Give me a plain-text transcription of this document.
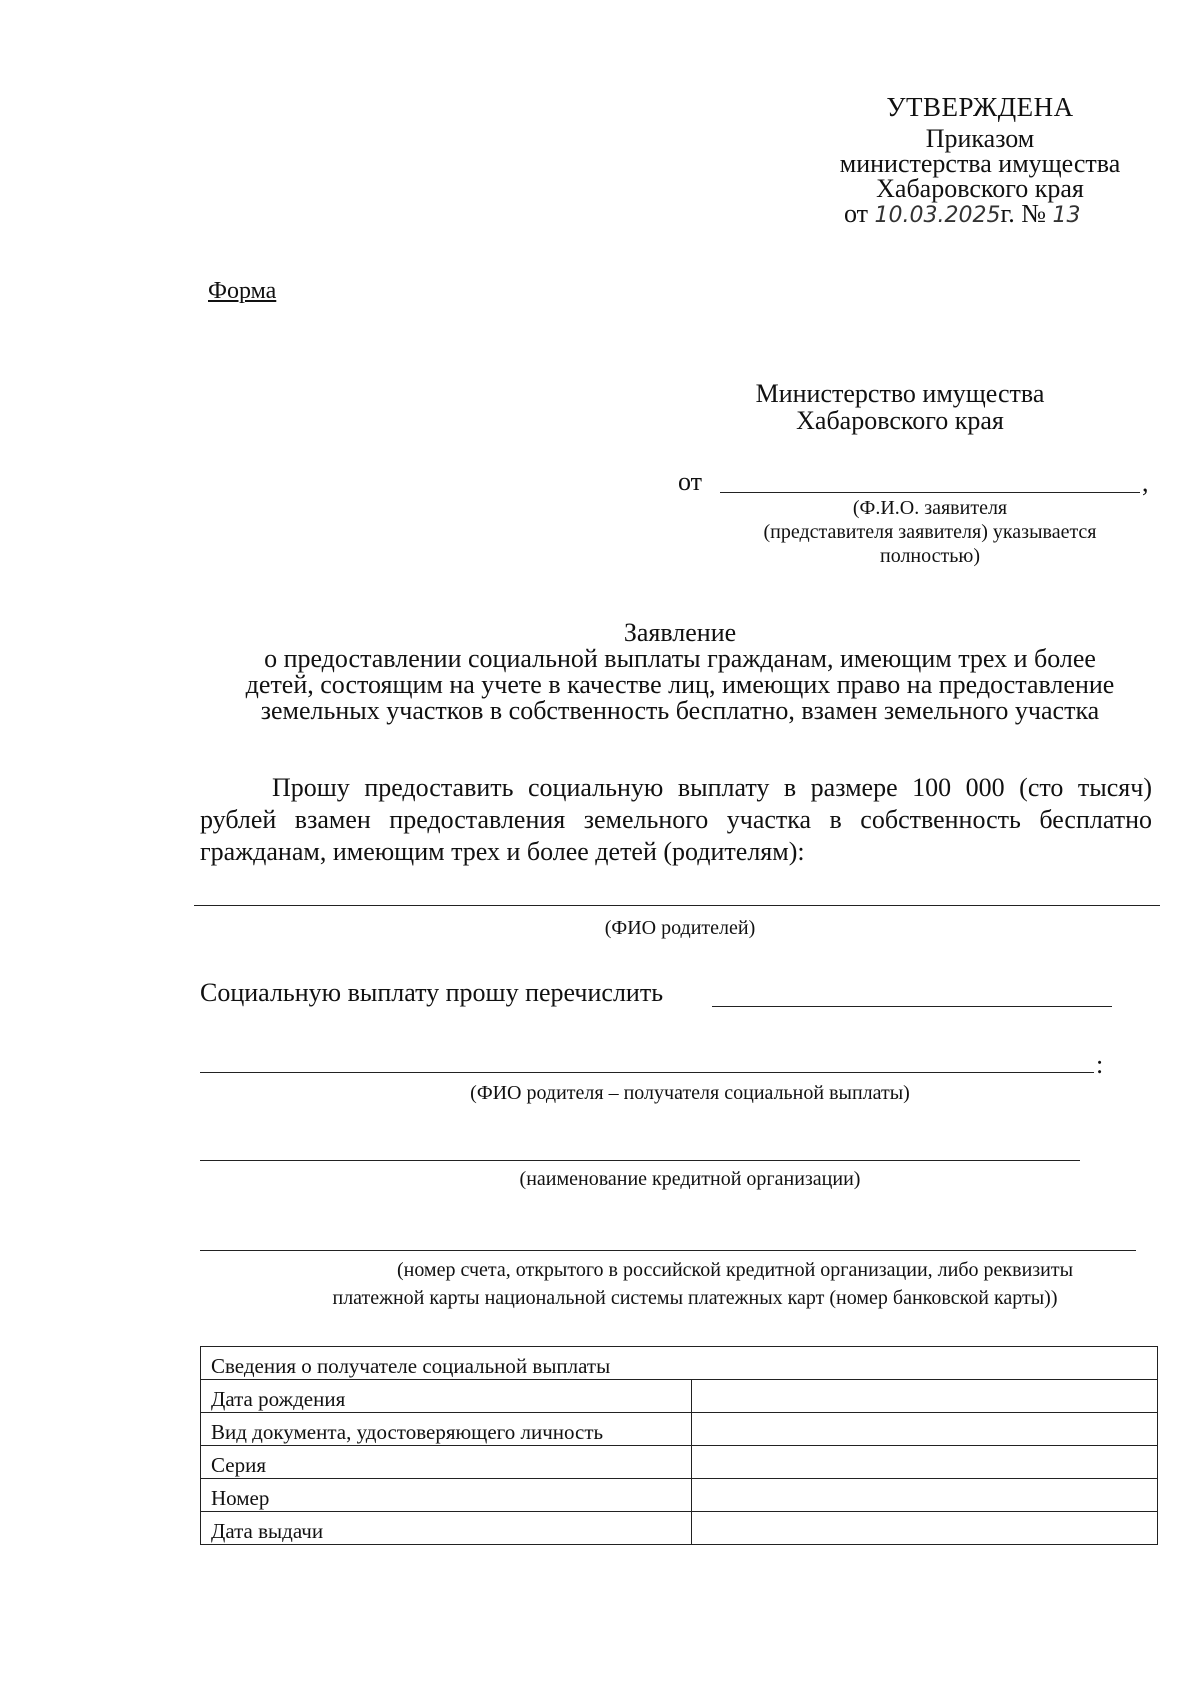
УТВЕРЖДЕНА
Приказом
министерства имущества
Хабаровского края
от 10.03.2025г. № 13
Форма
Министерство имущества
Хабаровского края
от	,
(Ф.И.О. заявителя
(представителя заявителя) указывается
полностью)
Заявление
о предоставлении социальной выплаты гражданам, имеющим трех и более
детей, состоящим на учете в качестве лиц, имеющих право на предоставление
земельных участков в собственность бесплатно, взамен земельного участка
Прошу предоставить социальную выплату в размере 100 000 (сто тысяч) рублей взамен предоставления земельного участка в собственность бесплатно гражданам, имеющим трех и более детей (родителям):
(ФИО родителей)
Социальную выплату прошу перечислить
:
(ФИО родителя – получателя социальной выплаты)
(наименование кредитной организации)
(номер счета, открытого в российской кредитной организации, либо реквизиты
платежной карты национальной системы платежных карт (номер банковской карты))
Сведения о получателе социальной выплаты	
Дата рождения	
Вид документа, удостоверяющего личность	
Серия	
Номер	
Дата выдачи	
